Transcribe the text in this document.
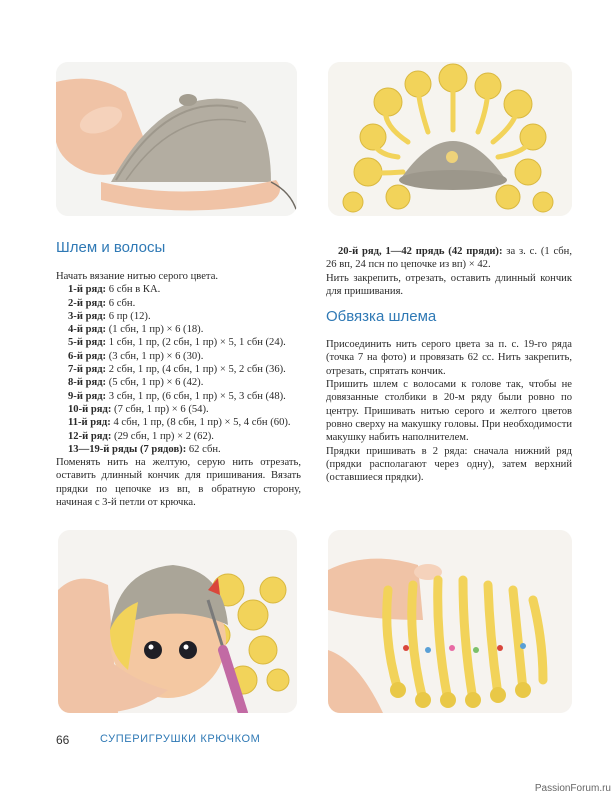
Шлем и волосы

Начать вязание нитью серого цвета.

1-й ряд: 6 сбн в КА.

2-й ряд: 6 сбн.

3-й ряд: 6 пр (12).

4-й ряд: (1 сбн, 1 пр) × 6 (18).

5-й ряд: 1 сбн, 1 пр, (2 сбн, 1 пр) × 5, 1 сбн (24).

6-й ряд: (3 сбн, 1 пр) × 6 (30).

7-й ряд: 2 сбн, 1 пр, (4 сбн, 1 пр) × 5, 2 сбн (36).

8-й ряд: (5 сбн, 1 пр) × 6 (42).

9-й ряд: 3 сбн, 1 пр, (6 сбн, 1 пр) × 5, 3 сбн (48).

10-й ряд: (7 сбн, 1 пр) × 6 (54).

11-й ряд: 4 сбн, 1 пр, (8 сбн, 1 пр) × 5, 4 сбн (60).

12-й ряд: (29 сбн, 1 пр) × 2 (62).

13—19-й ряды (7 рядов): 62 сбн.

Поменять нить на желтую, серую нить отрезать, оставить длинный кончик для пришивания. Вязать прядки по цепочке из вп, в обратную сторону, начиная с 3-й петли от крючка.

20-й ряд, 1—42 прядь (42 пряди): за з. с. (1 сбн, 26 вп, 24 псн по цепочке из вп) × 42.

Нить закрепить, отрезать, оставить длинный кончик для пришивания.

Обвязка шлема

Присоединить нить серого цвета за п. с. 19-го ряда (точка 7 на фото) и провязать 62 сс. Нить закрепить, отрезать, спрятать кончик.

Пришить шлем с волосами к голове так, чтобы не довязанные столбики в 20-м ряду были ровно по центру. Пришивать нитью серого и желтого цветов ровно сверху на макушку головы. При необходимости макушку набить наполнителем.

Прядки пришивать в 2 ряда: сначала нижний ряд (прядки располагают через одну), затем верхний (оставшиеся прядки).

66	СУПЕРИГРУШКИ КРЮЧКОМ
PassionForum.ru
